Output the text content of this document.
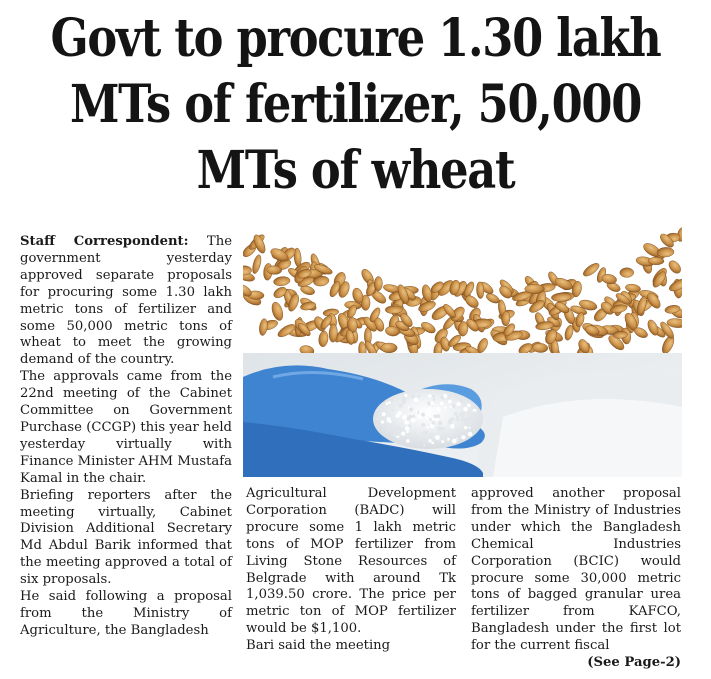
Govt to procure 1.30 lakh
MTs of fertilizer, 50,000
MTs of wheat

Staff Correspondent: The government yesterday approved separate proposals for procuring some 1.30 lakh metric tons of fertilizer and some 50,000 metric tons of wheat to meet the growing demand of the country.

The approvals came from the 22nd meeting of the Cabinet Committee on Government Purchase (CCGP) this year held yesterday virtually with Finance Minister AHM Mustafa Kamal in the chair.

Briefing reporters after the meeting virtually, Cabinet Division Additional Secretary Md Abdul Barik informed that the meeting approved a total of six proposals.

He said following a proposal from the Ministry of Agriculture, the Bangladesh

Agricultural Development Corporation (BADC) will procure some 1 lakh metric tons of MOP fertilizer from Living Stone Resources of Belgrade with around Tk 1,039.50 crore. The price per metric ton of MOP fertilizer would be $1,100.

Bari said the meeting

approved another proposal from the Ministry of Industries under which the Bangladesh Chemical Industries Corporation (BCIC) would procure some 30,000 metric tons of bagged granular urea fertilizer from KAFCO, Bangladesh under the first lot for the current fiscal
(See Page-2)
